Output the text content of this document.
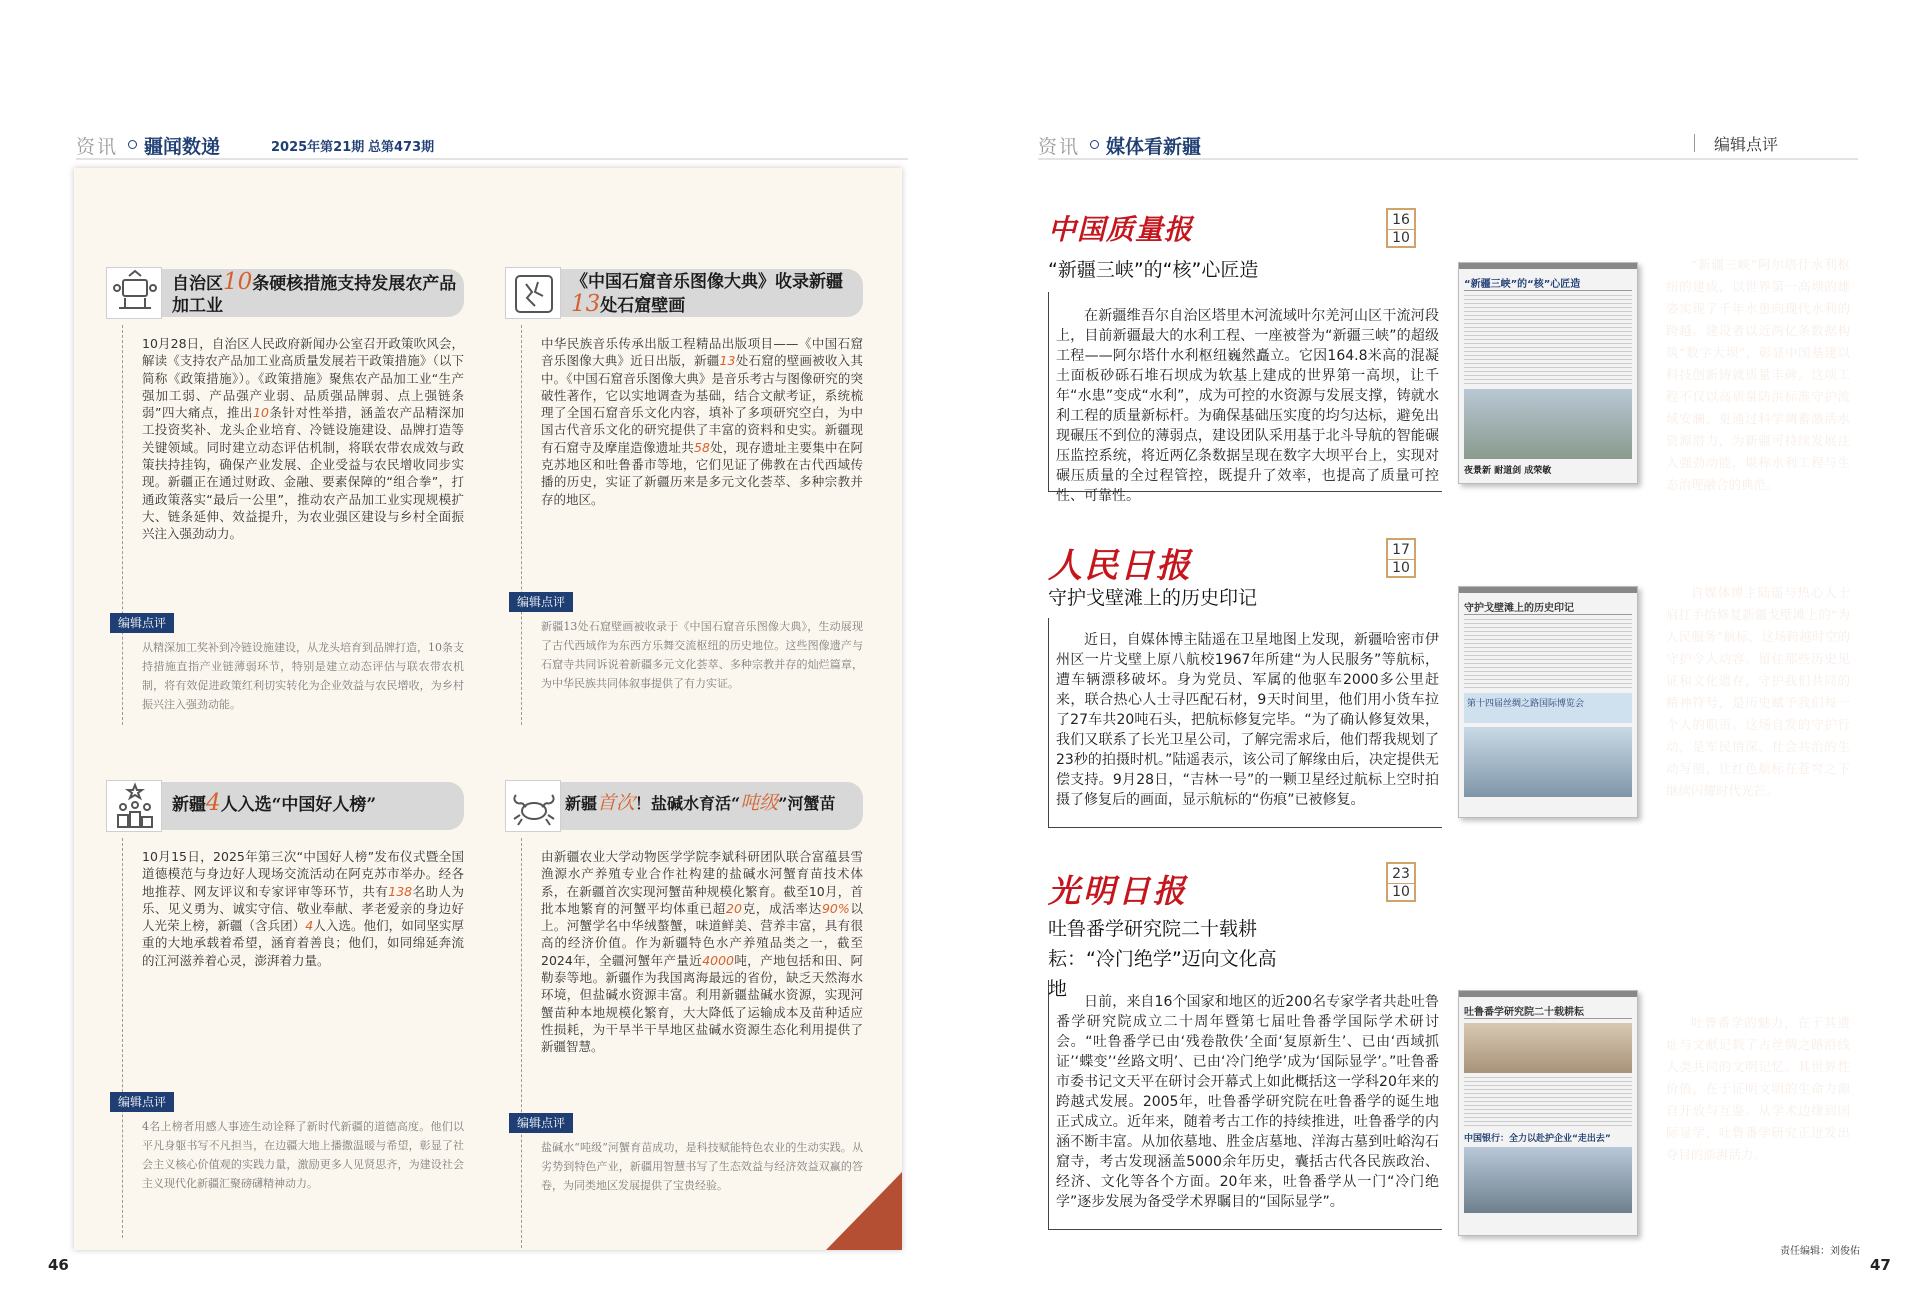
资讯 疆闻数递	2025年第21期 总第473期
自治区10条硬核措施支持发展农产品加工业
10月28日，自治区人民政府新闻办公室召开政策吹风会，解读《支持农产品加工业高质量发展若干政策措施》（以下简称《政策措施》）。《政策措施》聚焦农产品加工业“生产强加工弱、产品强产业弱、品质强品牌弱、点上强链条弱”四大痛点，推出10条针对性举措，涵盖农产品精深加工投资奖补、龙头企业培育、冷链设施建设、品牌打造等关键领域。同时建立动态评估机制，将联农带农成效与政策扶持挂钩，确保产业发展、企业受益与农民增收同步实现。新疆正在通过财政、金融、要素保障的“组合拳”，打通政策落实“最后一公里”，推动农产品加工业实现规模扩大、链条延伸、效益提升，为农业强区建设与乡村全面振兴注入强劲动力。
编辑点评
从精深加工奖补到冷链设施建设，从龙头培育到品牌打造，10条支持措施直指产业链薄弱环节，特别是建立动态评估与联农带农机制，将有效促进政策红利切实转化为企业效益与农民增收，为乡村振兴注入强劲动能。
《中国石窟音乐图像大典》收录新疆13处石窟壁画
中华民族音乐传承出版工程精品出版项目——《中国石窟音乐图像大典》近日出版，新疆13处石窟的壁画被收入其中。《中国石窟音乐图像大典》是音乐考古与图像研究的突破性著作，它以实地调查为基础，结合文献考证，系统梳理了全国石窟音乐文化内容，填补了多项研究空白，为中国古代音乐文化的研究提供了丰富的资料和史实。新疆现有石窟寺及摩崖造像遗址共58处，现存遗址主要集中在阿克苏地区和吐鲁番市等地，它们见证了佛教在古代西域传播的历史，实证了新疆历来是多元文化荟萃、多种宗教并存的地区。
编辑点评
新疆13处石窟壁画被收录于《中国石窟音乐图像大典》，生动展现了古代西域作为东西方乐舞交流枢纽的历史地位。这些图像遗产与石窟寺共同诉说着新疆多元文化荟萃、多种宗教并存的灿烂篇章，为中华民族共同体叙事提供了有力实证。
新疆4人入选“中国好人榜”
10月15日，2025年第三次“中国好人榜”发布仪式暨全国道德模范与身边好人现场交流活动在阿克苏市举办。经各地推荐、网友评议和专家评审等环节，共有138名助人为乐、见义勇为、诚实守信、敬业奉献、孝老爱亲的身边好人光荣上榜，新疆（含兵团）4人入选。他们，如同坚实厚重的大地承载着希望，涵育着善良；他们，如同绵延奔流的江河滋养着心灵，澎湃着力量。
编辑点评
4名上榜者用感人事迹生动诠释了新时代新疆的道德高度。他们以平凡身躯书写不凡担当，在边疆大地上播撒温暖与希望，彰显了社会主义核心价值观的实践力量，激励更多人见贤思齐，为建设社会主义现代化新疆汇聚磅礴精神动力。
新疆首次！盐碱水育活“吨级”河蟹苗
由新疆农业大学动物医学学院李斌科研团队联合富蕴县雪渔源水产养殖专业合作社构建的盐碱水河蟹育苗技术体系，在新疆首次实现河蟹苗种规模化繁育。截至10月，首批本地繁育的河蟹平均体重已超20克，成活率达90%以上。河蟹学名中华绒螯蟹，味道鲜美、营养丰富，具有很高的经济价值。作为新疆特色水产养殖品类之一，截至2024年，全疆河蟹年产量近4000吨，产地包括和田、阿勒泰等地。新疆作为我国离海最远的省份，缺乏天然海水环境，但盐碱水资源丰富。利用新疆盐碱水资源，实现河蟹苗种本地规模化繁育，大大降低了运输成本及苗种适应性损耗，为干旱半干旱地区盐碱水资源生态化利用提供了新疆智慧。
编辑点评
盐碱水“吨级”河蟹育苗成功，是科技赋能特色农业的生动实践。从劣势到特色产业，新疆用智慧书写了生态效益与经济效益双赢的答卷，为同类地区发展提供了宝贵经验。
46
资讯 媒体看新疆	编辑点评
中国质量报	16
10
“新疆三峡”的“核”心匠造
在新疆维吾尔自治区塔里木河流域叶尔羌河山区干流河段上，目前新疆最大的水利工程、一座被誉为“新疆三峡”的超级工程——阿尔塔什水利枢纽巍然矗立。它因164.8米高的混凝土面板砂砾石堆石坝成为软基上建成的世界第一高坝，让千年“水患”变成“水利”，成为可控的水资源与发展支撑，铸就水利工程的质量新标杆。为确保基础压实度的均匀达标，避免出现碾压不到位的薄弱点，建设团队采用基于北斗导航的智能碾压监控系统，将近两亿条数据呈现在数字大坝平台上，实现对碾压质量的全过程管控，既提升了效率，也提高了质量可控性、可靠性。
“新疆三峡”的“核”心匠造
夜景新 耐道剑 成荣敏
“新疆三峡”阿尔塔什水利枢纽的建成，以世界第一高坝的雄姿实现了千年水患向现代水利的跨越。建设者以近两亿条数据构筑“数字大坝”，彰显中国基建以科技创新铸就质量丰碑。这项工程不仅以高质量防洪标准守护流域安澜，更通过科学调蓄激活水资源潜力，为新疆可持续发展注入强劲动能，堪称水利工程与生态治理融合的典范。
人民日报	17
10
守护戈壁滩上的历史印记
近日，自媒体博主陆遥在卫星地图上发现，新疆哈密市伊州区一片戈壁上原八航校1967年所建“为人民服务”等航标，遭车辆漂移破坏。身为党员、军属的他驱车2000多公里赶来，联合热心人士寻匹配石材，9天时间里，他们用小货车拉了27车共20吨石头，把航标修复完毕。“为了确认修复效果，我们又联系了长光卫星公司，了解完需求后，他们帮我规划了23秒的拍摄时机。”陆遥表示，该公司了解缘由后，决定提供无偿支持。9月28日，“吉林一号”的一颗卫星经过航标上空时拍摄了修复后的画面，显示航标的“伤痕”已被修复。
守护戈壁滩上的历史印记
第十四届丝绸之路国际博览会
自媒体博主陆遥与热心人士肩扛手抬修复新疆戈壁滩上的“为人民服务”航标，这场跨越时空的守护令人动容。留住那些历史见证和文化遗存，守护我们共同的精神符号，是历史赋予我们每一个人的职责。这场自发的守护行动，是军民情深、社会共治的生动写照，让红色航标在苍穹之下继续闪耀时代光芒。
光明日报	23
10
吐鲁番学研究院二十载耕耘：“冷门绝学”迈向文化高地
日前，来自16个国家和地区的近200名专家学者共赴吐鲁番学研究院成立二十周年暨第七届吐鲁番学国际学术研讨会。“吐鲁番学已由‘残卷散佚’全面‘复原新生’、已由‘西域抓证’‘蝶变’‘丝路文明’、已由‘冷门绝学’成为‘国际显学’。”吐鲁番市委书记文天平在研讨会开幕式上如此概括这一学科20年来的跨越式发展。2005年，吐鲁番学研究院在吐鲁番学的诞生地正式成立。近年来，随着考古工作的持续推进，吐鲁番学的内涵不断丰富。从加依墓地、胜金店墓地、洋海古墓到吐峪沟石窟寺，考古发现涵盖5000余年历史，囊括古代各民族政治、经济、文化等各个方面。20年来，吐鲁番学从一门“冷门绝学”逐步发展为备受学术界瞩目的“国际显学”。
吐鲁番学研究院二十载耕耘
中国银行：全力以赴护企业“走出去”
吐鲁番学的魅力，在于其遗址与文献记载了古丝绸之路沿线人类共同的文明记忆。其世界性价值，在于证明文明的生命力源自开放与互鉴。从学术边缘到国际显学，吐鲁番学研究正迸发出夺目的澎湃活力。
责任编辑：刘俊佑
47
